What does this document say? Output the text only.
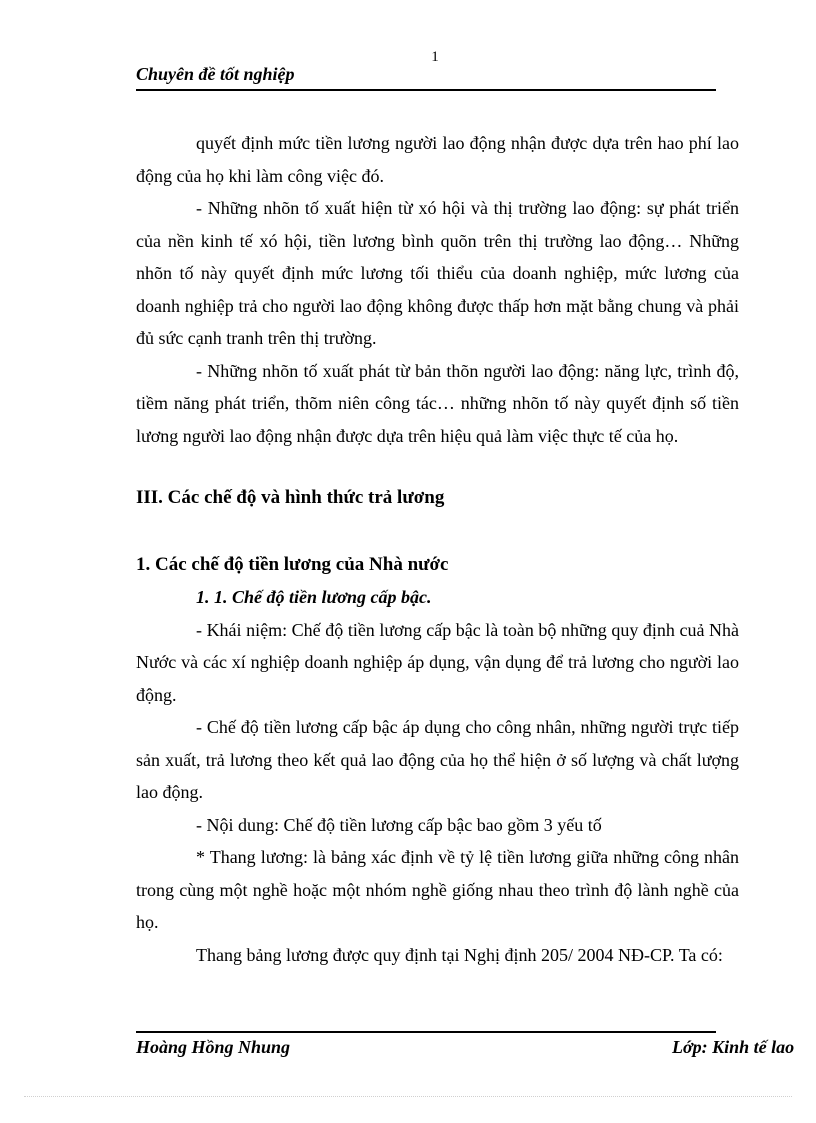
1
Chuyên đề tốt nghiệp

quyết định mức tiền lương người lao động nhận được dựa trên hao phí lao động của họ khi làm công việc đó.

- Những nhõn tố xuất hiện từ xó hội và thị trường lao động: sự phát triển của nền kinh tế xó hội, tiền lương bình quõn trên thị trường lao động… Những nhõn tố này quyết định mức lương tối thiểu của doanh nghiệp, mức lương của doanh nghiệp trả cho người lao động không được thấp hơn mặt bằng chung và phải đủ sức cạnh tranh trên thị trường.

- Những nhõn tố xuất phát từ bản thõn người lao động: năng lực, trình độ, tiềm năng phát triển, thõm niên công tác… những nhõn tố này quyết định số tiền lương người lao động nhận được dựa trên hiệu quả làm việc thực tế của họ.

III. Các chế độ và hình thức trả lương

1. Các chế độ tiền lương của Nhà nước

1. 1. Chế độ tiền lương cấp bậc.

- Khái niệm: Chế độ tiền lương cấp bậc là toàn bộ những quy định cuả Nhà Nước và các xí nghiệp doanh nghiệp áp dụng, vận dụng để trả lương cho người lao động.

- Chế độ tiền lương cấp bậc áp dụng cho công nhân, những người trực tiếp sản xuất, trả lương theo kết quả lao động của họ thể hiện ở số lượng và chất lượng lao động.

- Nội dung: Chế độ tiền lương cấp bậc bao gồm 3 yếu tố

* Thang lương: là bảng xác định về tỷ lệ tiền lương giữa những công nhân trong cùng một nghề hoặc một nhóm nghề giống nhau theo trình độ lành nghề của họ.

Thang bảng lương được quy định tại Nghị định 205/ 2004 NĐ-CP. Ta có:

Hoàng Hồng Nhung	Lớp: Kinh tế lao
